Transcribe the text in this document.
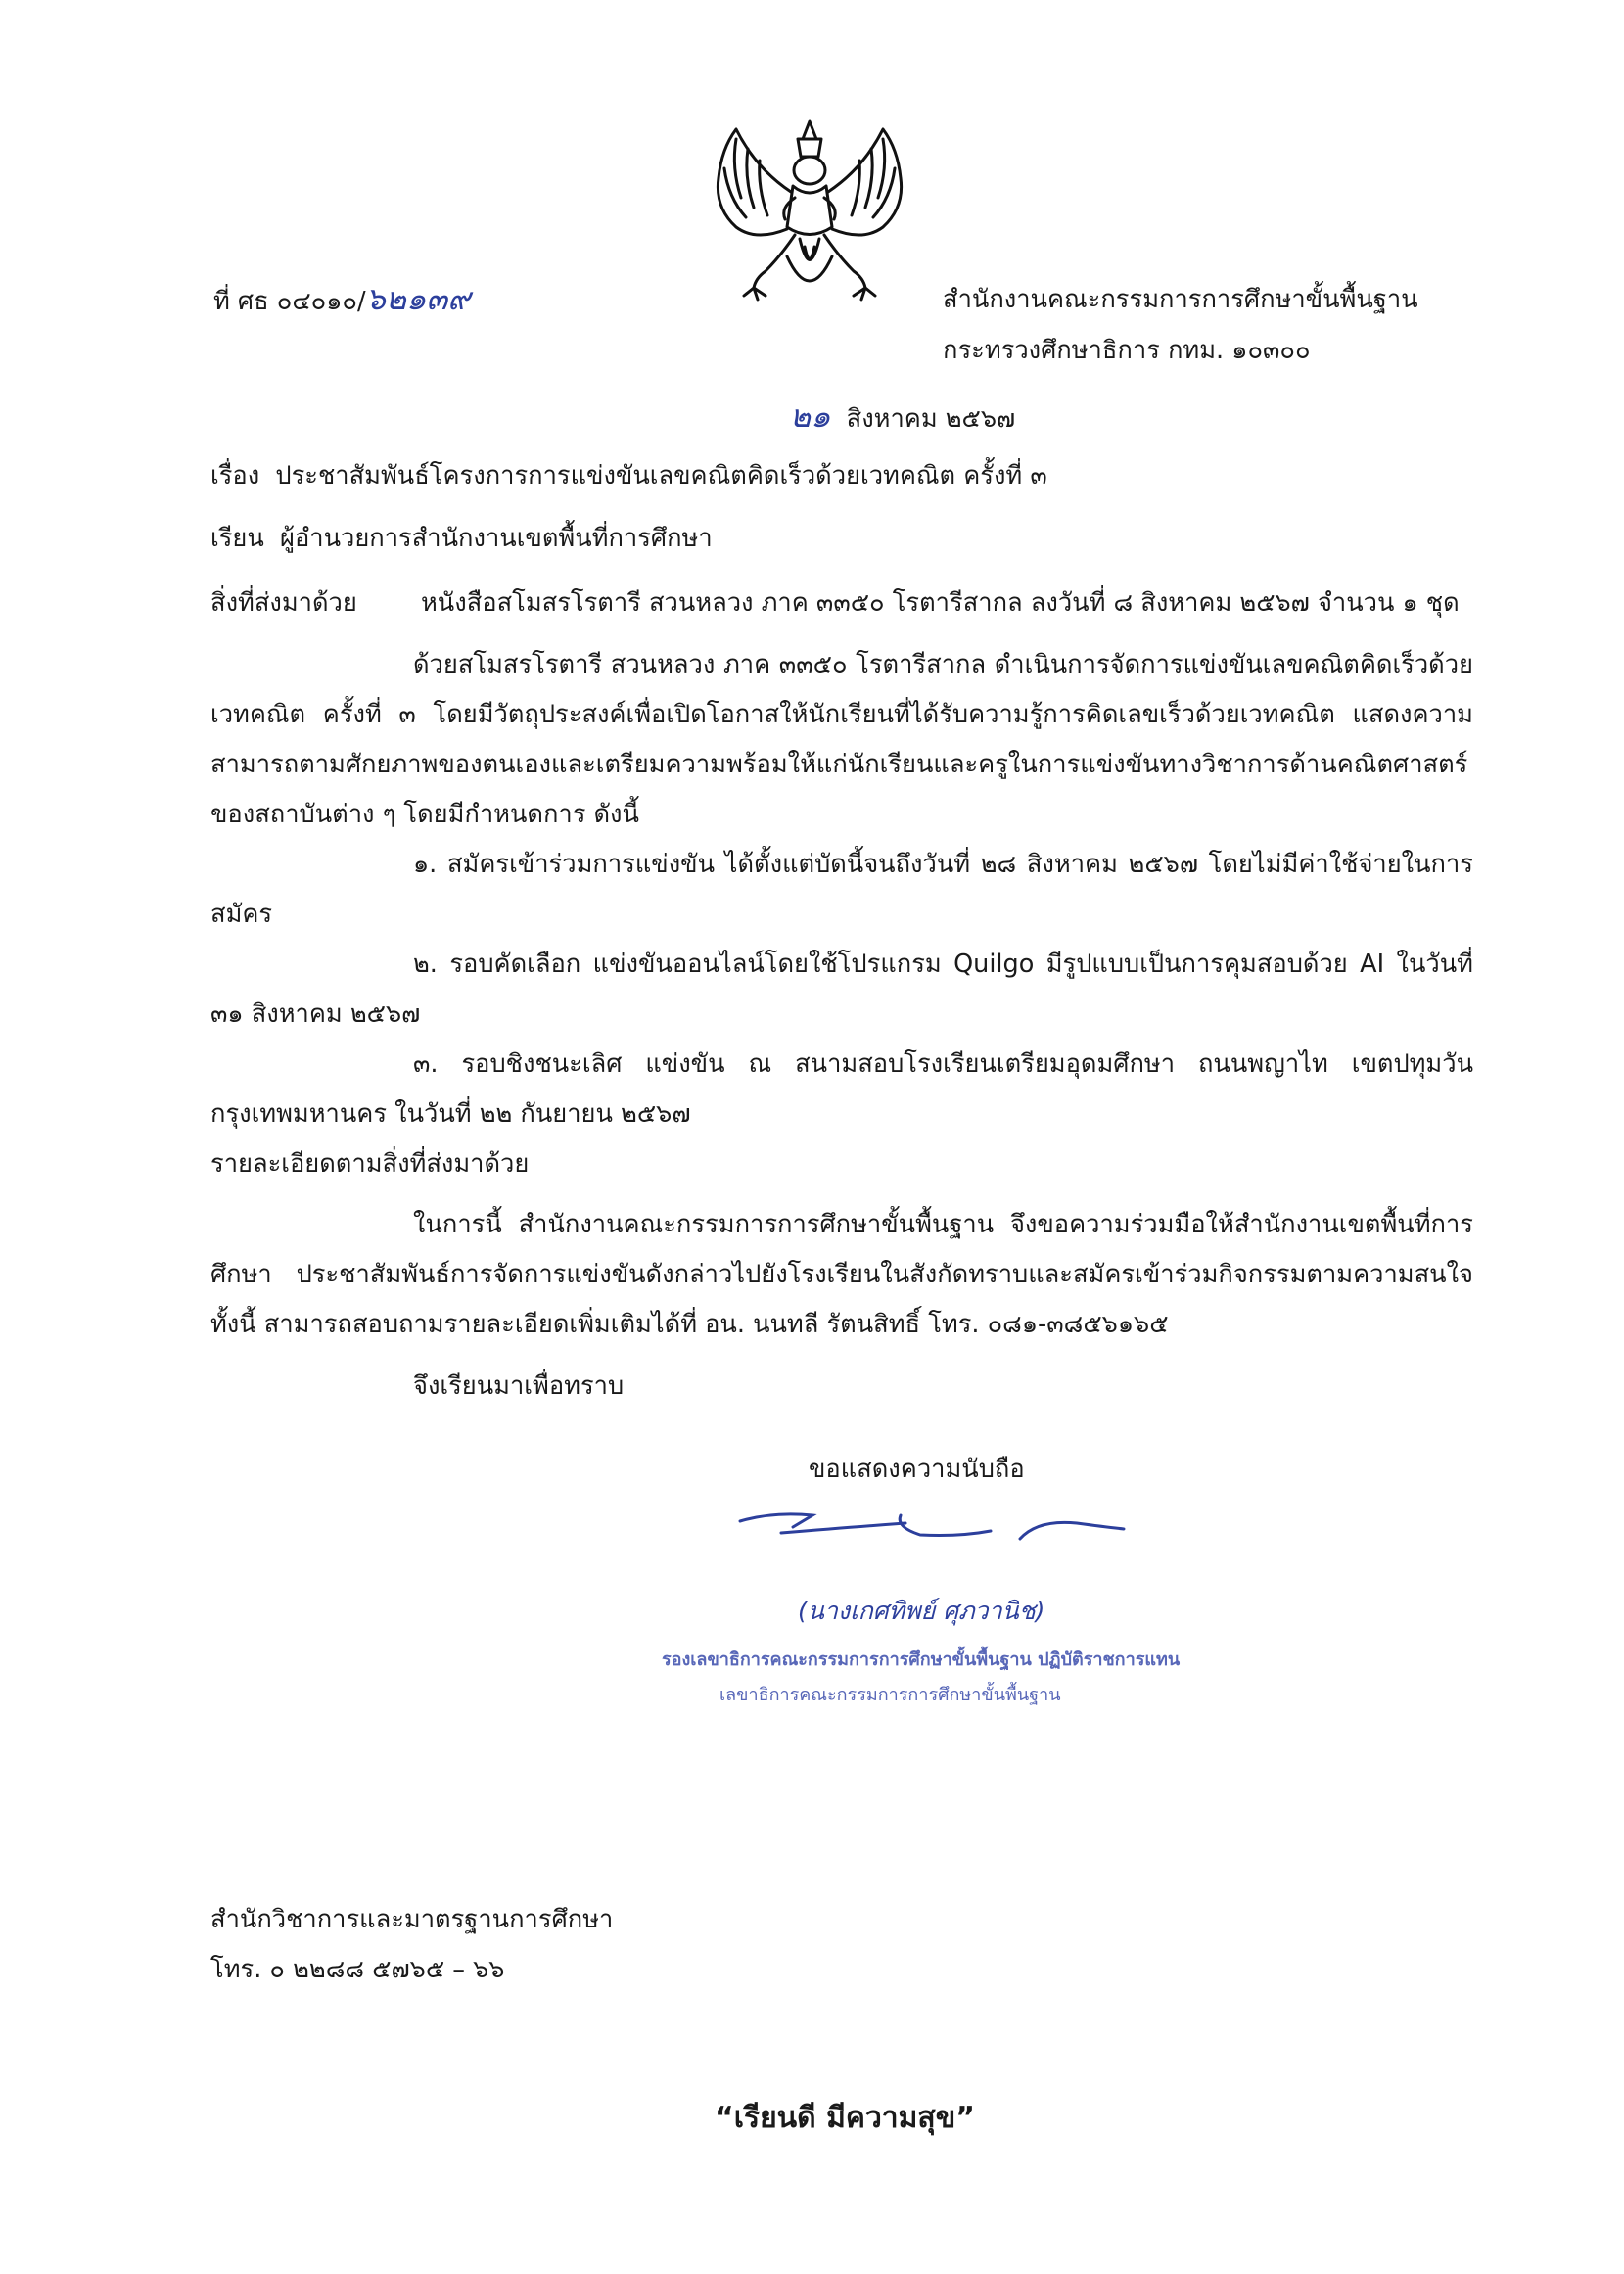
ที่ ศธ ๐๔๐๑๐/๖๒๑๓๙	สำนักงานคณะกรรมการการศึกษาขั้นพื้นฐาน
กระทรวงศึกษาธิการ กทม. ๑๐๓๐๐
๒๑ สิงหาคม ๒๕๖๗
เรื่อง ประชาสัมพันธ์โครงการการแข่งขันเลขคณิตคิดเร็วด้วยเวทคณิต ครั้งที่ ๓
เรียน ผู้อำนวยการสำนักงานเขตพื้นที่การศึกษา
สิ่งที่ส่งมาด้วย	หนังสือสโมสรโรตารี สวนหลวง ภาค ๓๓๕๐ โรตารีสากล ลงวันที่ ๘ สิงหาคม ๒๕๖๗ จำนวน ๑ ชุด

ด้วยสโมสรโรตารี สวนหลวง ภาค ๓๓๕๐ โรตารีสากล ดำเนินการจัดการแข่งขันเลขคณิตคิดเร็วด้วยเวทคณิต ครั้งที่ ๓ โดยมีวัตถุประสงค์เพื่อเปิดโอกาสให้นักเรียนที่ได้รับความรู้การคิดเลขเร็วด้วยเวทคณิต แสดงความสามารถตามศักยภาพของตนเองและเตรียมความพร้อมให้แก่นักเรียนและครูในการแข่งขันทางวิชาการด้านคณิตศาสตร์ของสถาบันต่าง ๆ โดยมีกำหนดการ ดังนี้

๑. สมัครเข้าร่วมการแข่งขัน ได้ตั้งแต่บัดนี้จนถึงวันที่ ๒๘ สิงหาคม ๒๕๖๗ โดยไม่มีค่าใช้จ่ายในการสมัคร

๒. รอบคัดเลือก แข่งขันออนไลน์โดยใช้โปรแกรม Quilgo มีรูปแบบเป็นการคุมสอบด้วย AI ในวันที่ ๓๑ สิงหาคม ๒๕๖๗

๓. รอบชิงชนะเลิศ แข่งขัน ณ สนามสอบโรงเรียนเตรียมอุดมศึกษา ถนนพญาไท เขตปทุมวัน กรุงเทพมหานคร ในวันที่ ๒๒ กันยายน ๒๕๖๗

รายละเอียดตามสิ่งที่ส่งมาด้วย

ในการนี้ สำนักงานคณะกรรมการการศึกษาขั้นพื้นฐาน จึงขอความร่วมมือให้สำนักงานเขตพื้นที่การศึกษา ประชาสัมพันธ์การจัดการแข่งขันดังกล่าวไปยังโรงเรียนในสังกัดทราบและสมัครเข้าร่วมกิจกรรมตามความสนใจ ทั้งนี้ สามารถสอบถามรายละเอียดเพิ่มเติมได้ที่ อน. นนทลี รัตนสิทธิ์ โทร. ๐๘๑-๓๘๕๖๑๖๕

จึงเรียนมาเพื่อทราบ
ขอแสดงความนับถือ
(นางเกศทิพย์ ศุภวานิช)
รองเลขาธิการคณะกรรมการการศึกษาขั้นพื้นฐาน ปฏิบัติราชการแทน
เลขาธิการคณะกรรมการการศึกษาขั้นพื้นฐาน
สำนักวิชาการและมาตรฐานการศึกษา
โทร. ๐ ๒๒๘๘ ๕๗๖๕ – ๖๖
“เรียนดี มีความสุข”
